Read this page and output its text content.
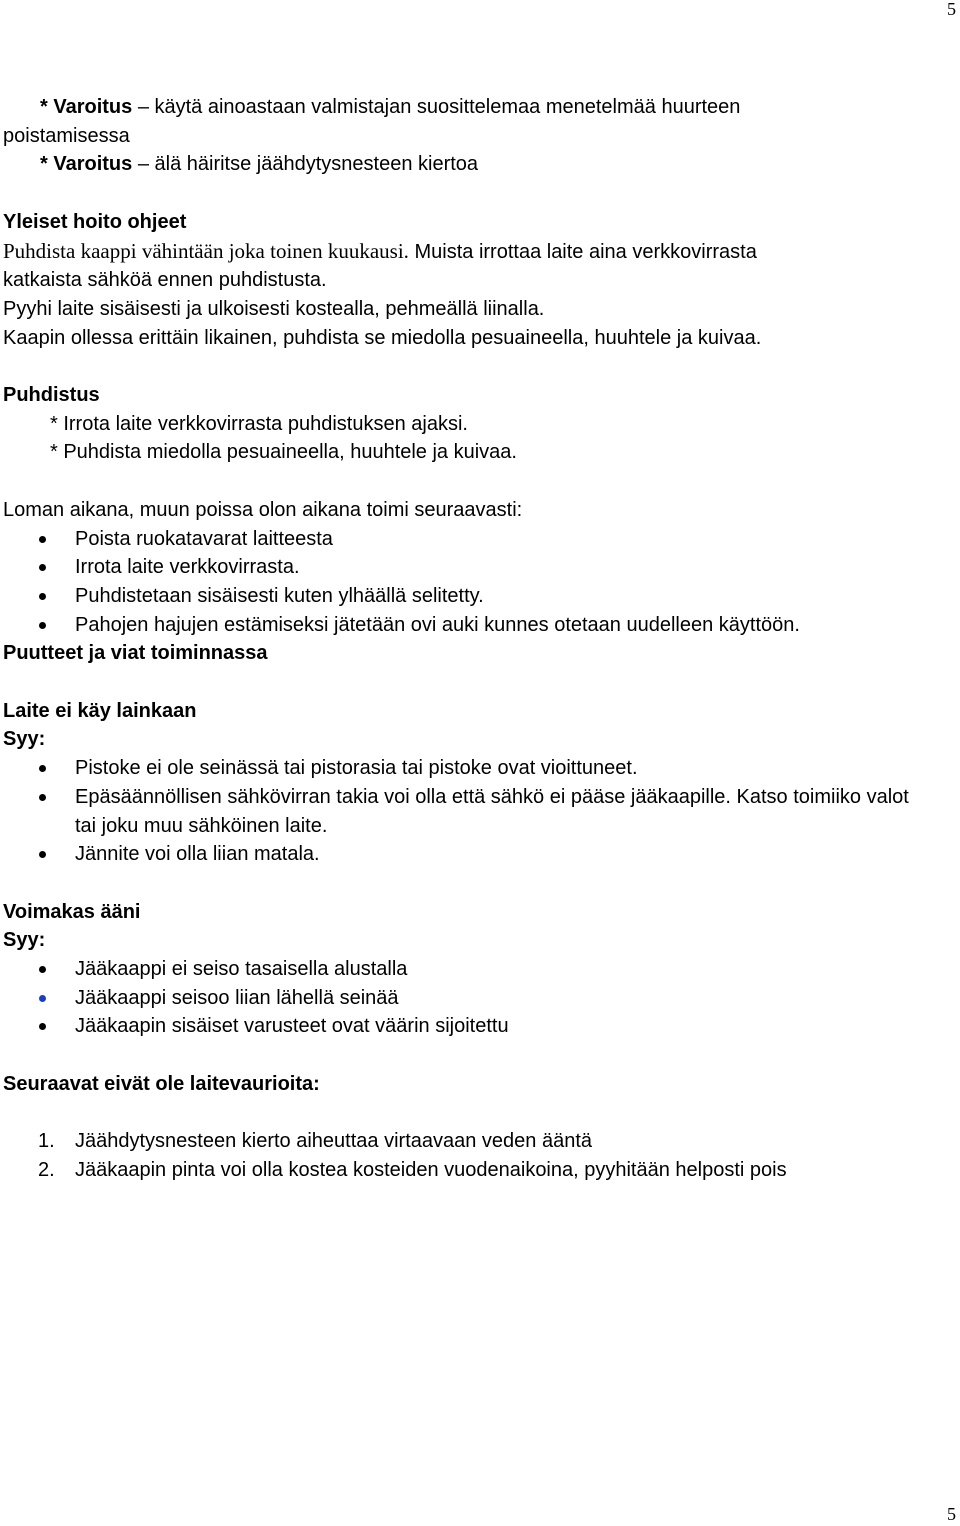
5
* Varoitus – käytä ainoastaan valmistajan suosittelemaa menetelmää huurteen
poistamisessa
* Varoitus – älä häiritse jäähdytysnesteen kiertoa
Yleiset hoito ohjeet
Puhdista kaappi vähintään joka toinen kuukausi. Muista irrottaa laite aina verkkovirrasta
katkaista sähköä ennen puhdistusta.
Pyyhi laite sisäisesti ja ulkoisesti kostealla, pehmeällä liinalla.
Kaapin ollessa erittäin likainen, puhdista se miedolla pesuaineella, huuhtele ja kuivaa.
Puhdistus
* Irrota laite verkkovirrasta puhdistuksen ajaksi.
* Puhdista miedolla pesuaineella, huuhtele ja kuivaa.
Loman aikana, muun poissa olon aikana toimi seuraavasti:
Poista ruokatavarat laitteesta
Irrota laite verkkovirrasta.
Puhdistetaan sisäisesti kuten ylhäällä selitetty.
Pahojen hajujen estämiseksi jätetään ovi auki kunnes otetaan uudelleen käyttöön.
Puutteet ja viat toiminnassa
Laite ei käy lainkaan
Syy:
Pistoke ei ole seinässä tai pistorasia tai pistoke ovat vioittuneet.
Epäsäännöllisen sähkövirran takia voi olla että sähkö ei pääse jääkaapille. Katso toimiiko valot tai joku muu sähköinen laite.
Jännite voi olla liian matala.
Voimakas ääni
Syy:
Jääkaappi ei seiso tasaisella alustalla
Jääkaappi seisoo liian lähellä seinää
Jääkaapin sisäiset varusteet ovat väärin sijoitettu
Seuraavat eivät ole laitevaurioita:
1. Jäähdytysnesteen kierto aiheuttaa virtaavaan veden ääntä
2. Jääkaapin pinta voi olla kostea kosteiden vuodenaikoina, pyyhitään helposti pois
5
